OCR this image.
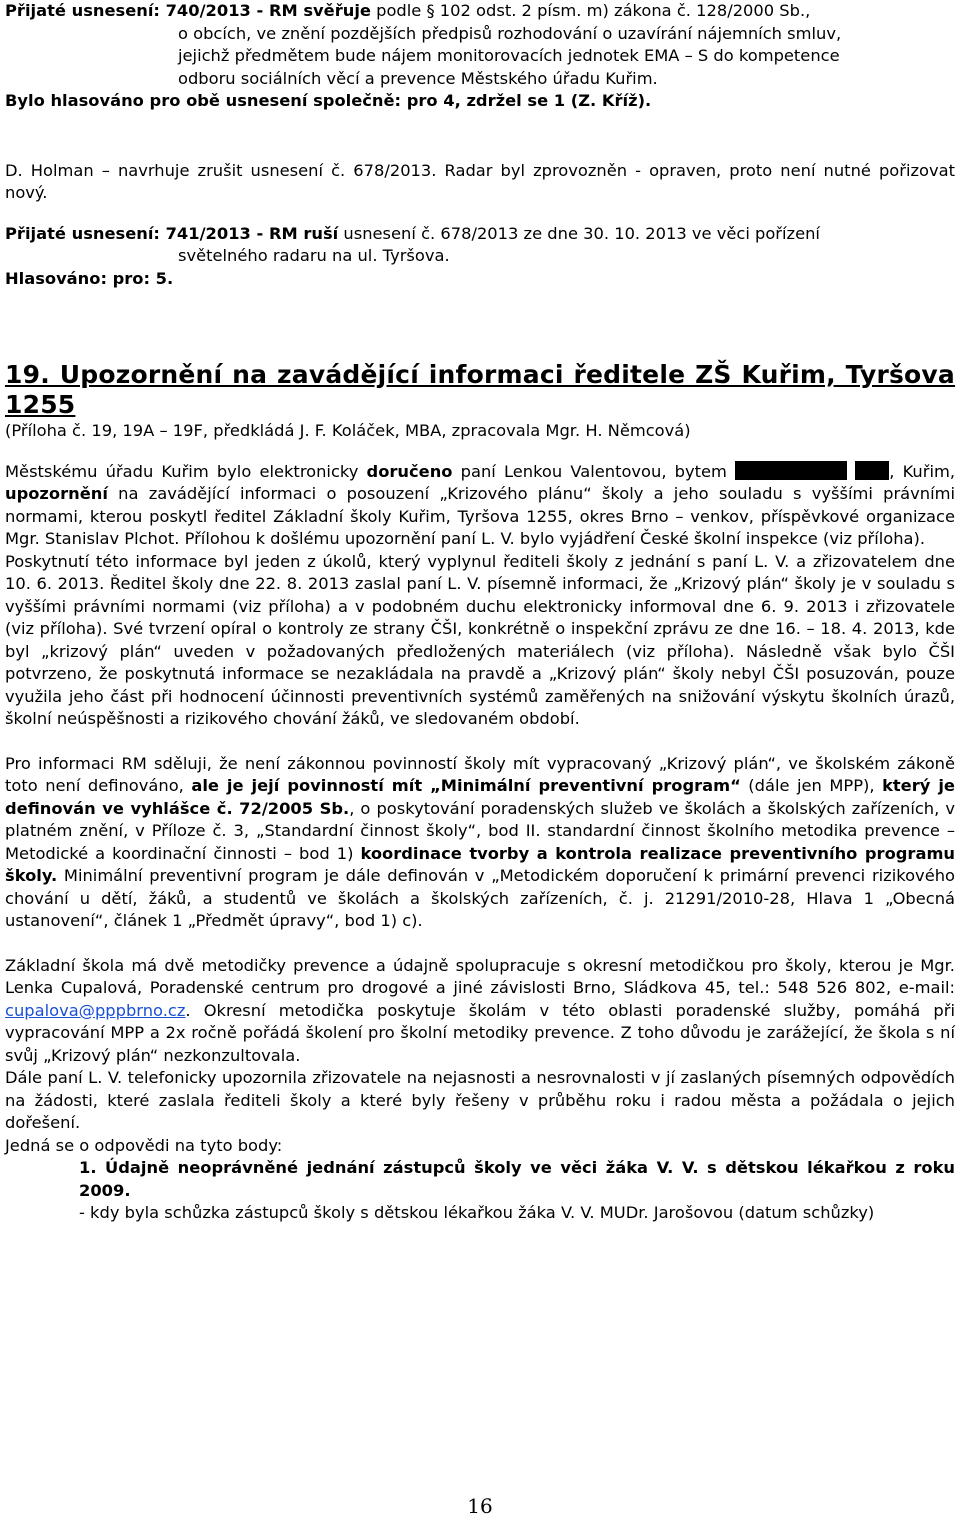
Přijaté usnesení: 740/2013 - RM svěřuje podle § 102 odst. 2 písm. m) zákona č. 128/2000 Sb.,

o obcích, ve znění pozdějších předpisů rozhodování o uzavírání nájemních smluv,

jejichž předmětem bude nájem monitorovacích jednotek EMA – S do kompetence

odboru sociálních věcí a prevence Městského úřadu Kuřim.

Bylo hlasováno pro obě usnesení společně: pro 4, zdržel se 1 (Z. Kříž).

D. Holman – navrhuje zrušit usnesení č. 678/2013. Radar byl zprovozněn - opraven, proto není nutné pořizovat nový.

Přijaté usnesení: 741/2013 - RM ruší usnesení č. 678/2013 ze dne 30. 10. 2013 ve věci pořízení

světelného radaru na ul. Tyršova.

Hlasováno: pro: 5.

19. Upozornění na zavádějící informaci ředitele ZŠ Kuřim, Tyršova 1255

(Příloha č. 19, 19A – 19F, předkládá J. F. Koláček, MBA, zpracovala Mgr. H. Němcová)

Městskému úřadu Kuřim bylo elektronicky doručeno paní Lenkou Valentovou, bytem	, Kuřim, upozornění na zavádějící informaci o posouzení „Krizového plánu“ školy a jeho souladu s vyššími právními normami, kterou poskytl ředitel Základní školy Kuřim, Tyršova 1255, okres Brno – venkov, příspěvkové organizace Mgr. Stanislav Plchot. Přílohou k došlému upozornění paní L. V. bylo vyjádření České školní inspekce (viz příloha).

Poskytnutí této informace byl jeden z úkolů, který vyplynul řediteli školy z jednání s paní L. V. a zřizovatelem dne 10. 6. 2013. Ředitel školy dne 22. 8. 2013 zaslal paní L. V. písemně informaci, že „Krizový plán“ školy je v souladu s vyššími právními normami (viz příloha) a v podobném duchu elektronicky informoval dne 6. 9. 2013 i zřizovatele (viz příloha). Své tvrzení opíral o kontroly ze strany ČŠI, konkrétně o inspekční zprávu ze dne 16. – 18. 4. 2013, kde byl „krizový plán“ uveden v požadovaných předložených materiálech (viz příloha). Následně však bylo ČŠI potvrzeno, že poskytnutá informace se nezakládala na pravdě a „Krizový plán“ školy nebyl ČŠI posuzován, pouze využila jeho část při hodnocení účinnosti preventivních systémů zaměřených na snižování výskytu školních úrazů, školní neúspěšnosti a rizikového chování žáků, ve sledovaném období.

Pro informaci RM sděluji, že není zákonnou povinností školy mít vypracovaný „Krizový plán“, ve školském zákoně toto není definováno, ale je její povinností mít „Minimální preventivní program“ (dále jen MPP), který je definován ve vyhlášce č. 72/2005 Sb., o poskytování poradenských služeb ve školách a školských zařízeních, v platném znění, v Příloze č. 3, „Standardní činnost školy“, bod II. standardní činnost školního metodika prevence – Metodické a koordinační činnosti – bod 1) koordinace tvorby a kontrola realizace preventivního programu školy. Minimální preventivní program je dále definován v „Metodickém doporučení k primární prevenci rizikového chování u dětí, žáků, a studentů ve školách a školských zařízeních, č. j. 21291/2010-28, Hlava 1 „Obecná ustanovení“, článek 1 „Předmět úpravy“, bod 1) c).

Základní škola má dvě metodičky prevence a údajně spolupracuje s okresní metodičkou pro školy, kterou je Mgr. Lenka Cupalová, Poradenské centrum pro drogové a jiné závislosti Brno, Sládkova 45, tel.: 548 526 802, e-mail: cupalova@pppbrno.cz. Okresní metodička poskytuje školám v této oblasti poradenské služby, pomáhá při vypracování MPP a 2x ročně pořádá školení pro školní metodiky prevence. Z toho důvodu je zarážející, že škola s ní svůj „Krizový plán“ nezkonzultovala.

Dále paní L. V. telefonicky upozornila zřizovatele na nejasnosti a nesrovnalosti v jí zaslaných písemných odpovědích na žádosti, které zaslala řediteli školy a které byly řešeny v průběhu roku i radou města a požádala o jejich dořešení.

Jedná se o odpovědi na tyto body:

1. Údajně neoprávněné jednání zástupců školy ve věci žáka V. V. s dětskou lékařkou z roku 2009.

- kdy byla schůzka zástupců školy s dětskou lékařkou žáka V. V. MUDr. Jarošovou (datum schůzky)

16
